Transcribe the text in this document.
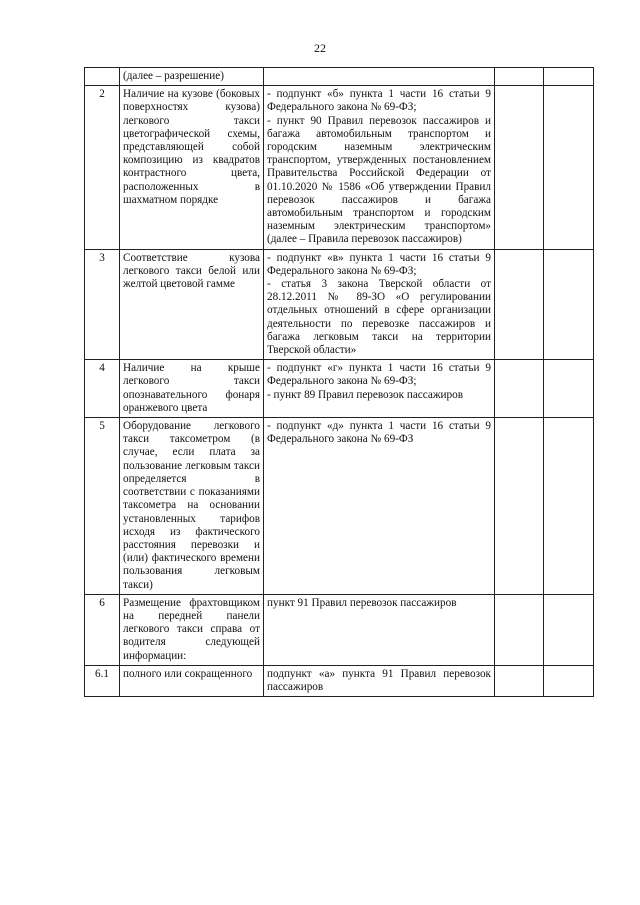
22

	(далее – разрешение)			

2	Наличие на кузове (боковых поверхностях кузова) легкового такси цветографической схемы, представляющей собой композицию из квадратов контрастного цвета, расположенных в шахматном порядке	- подпункт «б» пункта 1 части 16 статьи 9 Федерального закона № 69-ФЗ;
- пункт 90 Правил перевозок пассажиров и багажа автомобильным транспортом и городским наземным электрическим транспортом, утвержденных постановлением Правительства Российской Федерации от 01.10.2020 № 1586 «Об утверждении Правил перевозок пассажиров и багажа автомобильным транспортом и городским наземным электрическим транспортом» (далее – Правила перевозок пассажиров)		

3	Соответствие кузова легкового такси белой или желтой цветовой гамме	- подпункт «в» пункта 1 части 16 статьи 9 Федерального закона № 69-ФЗ;
- статья 3 закона Тверской области от 28.12.2011 № 89-ЗО «О регулировании отдельных отношений в сфере организации деятельности по перевозке пассажиров и багажа легковым такси на территории Тверской области»		

4	Наличие на крыше легкового такси опознавательного фонаря оранжевого цвета	- подпункт «г» пункта 1 части 16 статьи 9 Федерального закона № 69-ФЗ;
- пункт 89 Правил перевозок пассажиров		

5	Оборудование легкового такси таксометром (в случае, если плата за пользование легковым такси определяется в соответствии с показаниями таксометра на основании установленных тарифов исходя из фактического расстояния перевозки и (или) фактического времени пользования легковым такси)	- подпункт «д» пункта 1 части 16 статьи 9 Федерального закона № 69-ФЗ		

6	Размещение фрахтовщиком на передней панели легкового такси справа от водителя следующей информации:	пункт 91 Правил перевозок пассажиров		

6.1	полного или сокращенного	подпункт «а» пункта 91 Правил перевозок пассажиров		
